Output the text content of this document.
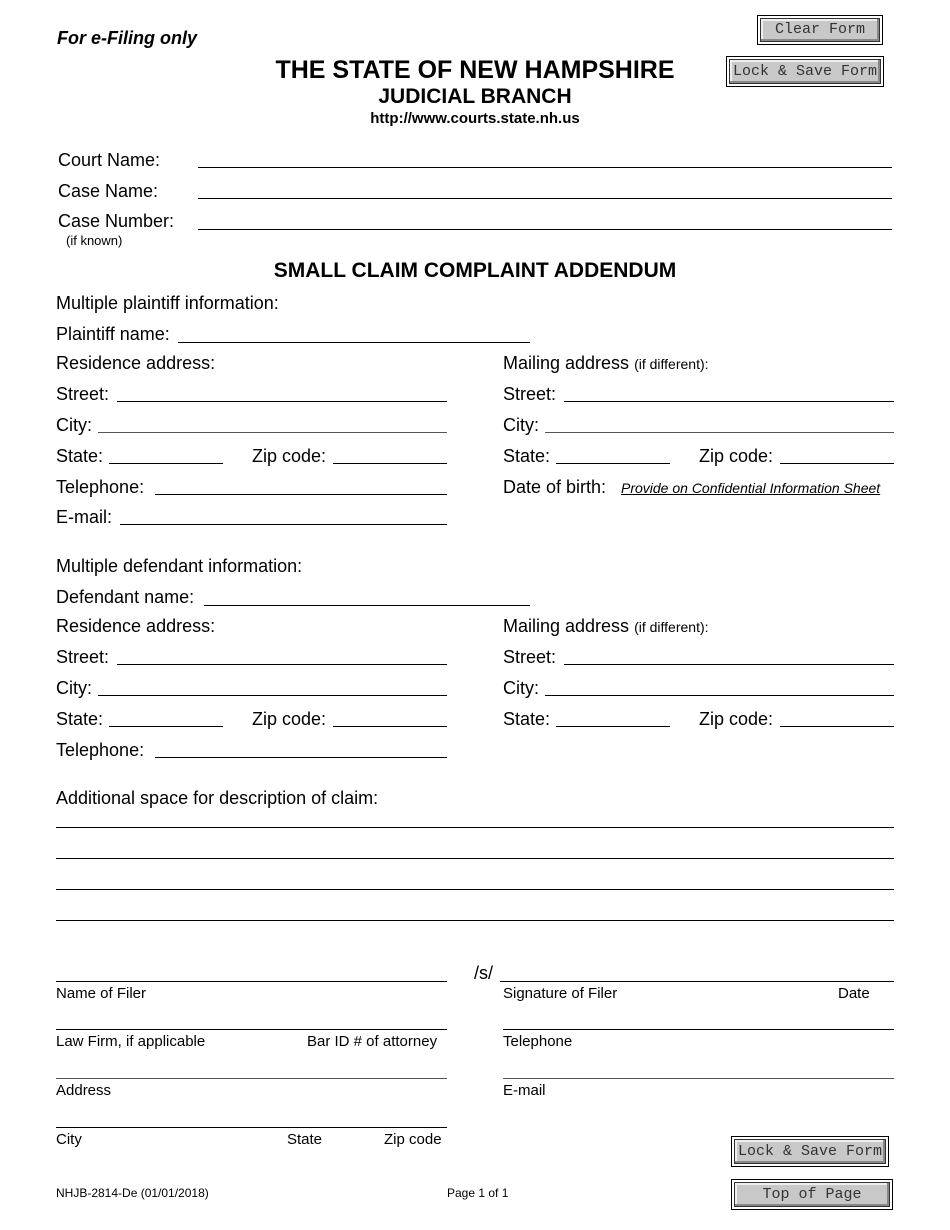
For e-Filing only
THE STATE OF NEW HAMPSHIRE
JUDICIAL BRANCH
http://www.courts.state.nh.us
Clear Form
Lock & Save Form
Court Name:
Case Name:
Case Number:
(if known)
SMALL CLAIM COMPLAINT ADDENDUM
Multiple plaintiff information:
Plaintiff name:
Residence address:	Mailing address (if different):
Street:	Street:
City:	City:
State:	Zip code:	State:	Zip code:
Telephone:	Date of birth: Provide on Confidential Information Sheet
E-mail:
Multiple defendant information:
Defendant name:
Residence address:	Mailing address (if different):
Street:	Street:
City:	City:
State:	Zip code:	State:	Zip code:
Telephone:
Additional space for description of claim:
/s/
Name of Filer	Signature of Filer	Date
Law Firm, if applicable	Bar ID # of attorney	Telephone
Address	E-mail
City	State	Zip code
Lock & Save Form
NHJB-2814-De (01/01/2018)	Page 1 of 1	Top of Page
